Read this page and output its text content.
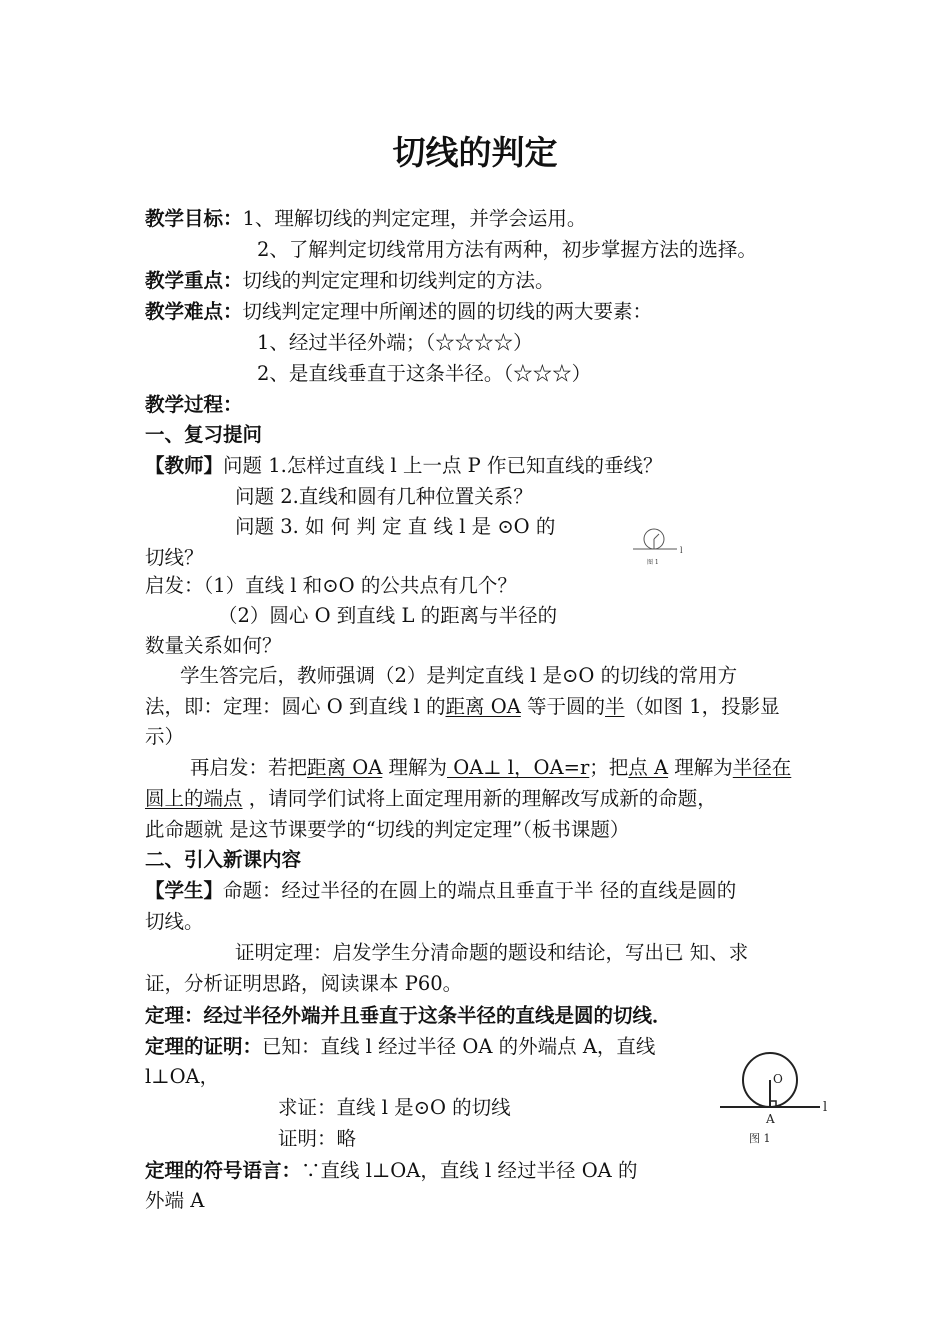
切线的判定
教学目标：1、理解切线的判定定理，并学会运用。
2、了解判定切线常用方法有两种，初步掌握方法的选择。
教学重点：切线的判定定理和切线判定的方法。
教学难点：切线判定定理中所阐述的圆的切线的两大要素：
1、经过半径外端；（☆☆☆☆）
2、是直线垂直于这条半径。（☆☆☆）
教学过程：
一、复习提问
【教师】问题 1.怎样过直线 l 上一点 P 作已知直线的垂线？
问题 2.直线和圆有几种位置关系？
问题 3. 如 何 判 定 直 线 l 是 ⊙O 的
切线？	l
图 1
启发：（1）直线 l 和⊙O 的公共点有几个？
（2）圆心 O 到直线 L 的距离与半径的
数量关系如何？
学生答完后，教师强调（2）是判定直线 l 是⊙O 的切线的常用方
法，即：定理：圆心 O 到直线 l 的距离 OA 等于圆的半（如图 1，投影显
示）
再启发：若把距离 OA 理解为 OA⊥ l，OA=r；把点 A 理解为半径在
圆上的端点 ，请同学们试将上面定理用新的理解改写成新的命题，
此命题就 是这节课要学的“切线的判定定理”（板书课题）
二、引入新课内容
【学生】命题：经过半径的在圆上的端点且垂直于半 径的直线是圆的
切线。
证明定理：启发学生分清命题的题设和结论，写出已 知、求
证，分析证明思路，阅读课本 P60。
定理：经过半径外端并且垂直于这条半径的直线是圆的切线．
定理的证明：已知：直线 l 经过半径 OA 的外端点 A，直线
l⊥OA，
求证：直线 l 是⊙O 的切线
证明：略
定理的符号语言：∵直线 l⊥OA，直线 l 经过半径 OA 的
外端 A
O
A
l
图 1
